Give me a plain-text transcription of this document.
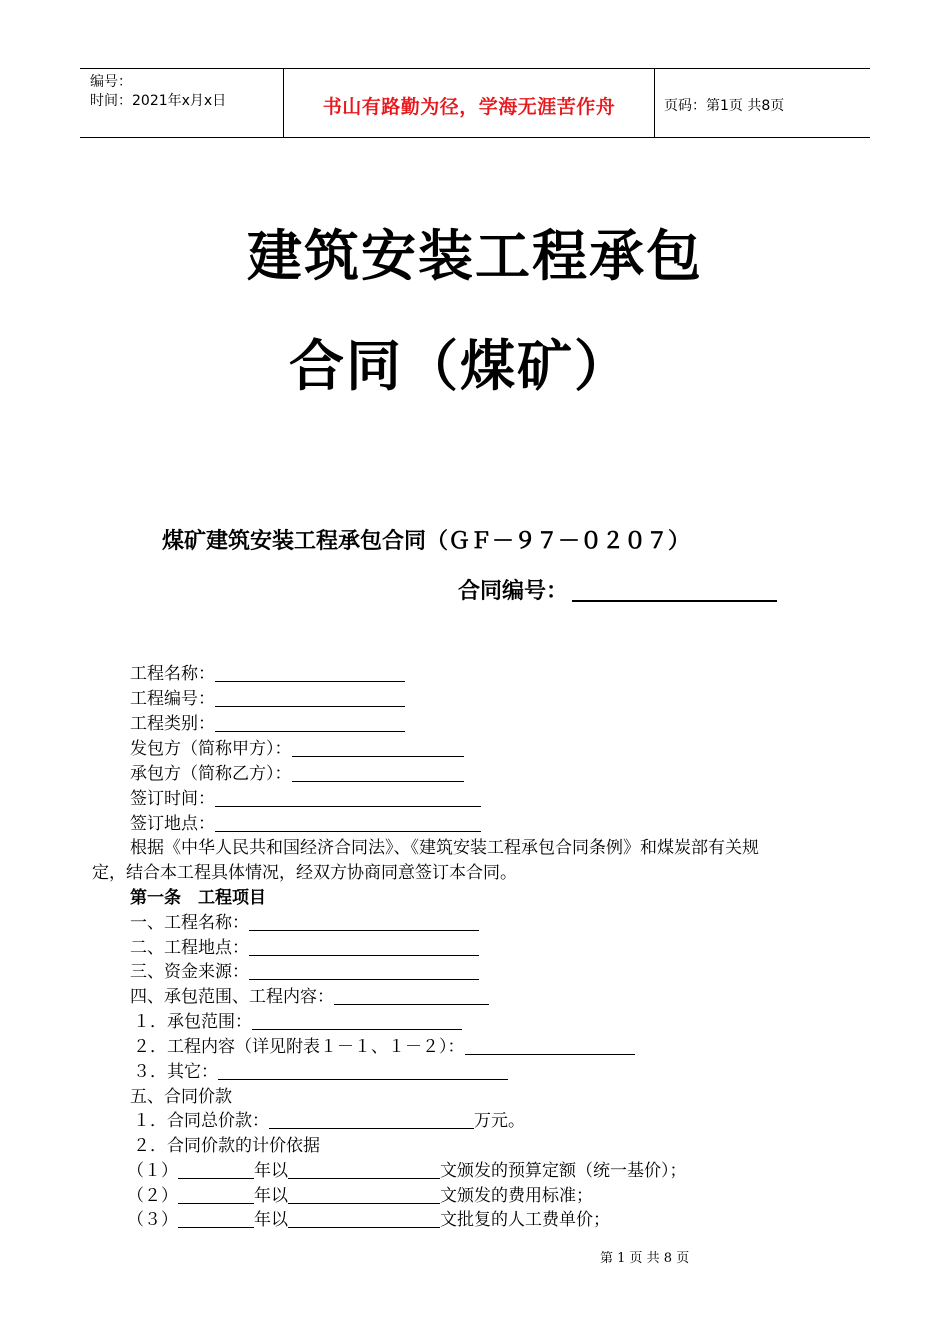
编号：
时间：2021年x月x日	书山有路勤为径，学海无涯苦作舟	页码：第1页 共8页
建筑安装工程承包
合同（煤矿）
煤矿建筑安装工程承包合同（ＧＦ－９７－０２０７）
合同编号：
工程名称：
工程编号：
工程类别：
发包方（简称甲方）：
承包方（简称乙方）：
签订时间：
签订地点：
根据《中华人民共和国经济合同法》、《建筑安装工程承包合同条例》和煤炭部有关规
定，结合本工程具体情况，经双方协商同意签订本合同。
第一条　工程项目
一、工程名称：
二、工程地点：
三、资金来源：
四、承包范围、工程内容：
１．承包范围：
２．工程内容（详见附表１－１、１－２）：
３．其它：
五、合同价款
１．合同总价款：	万元。
２．合同价款的计价依据
（１）	年以	文颁发的预算定额（统一基价）；
（２）	年以	文颁发的费用标准；
（３）	年以	文批复的人工费单价；
第 1 页 共 8 页
